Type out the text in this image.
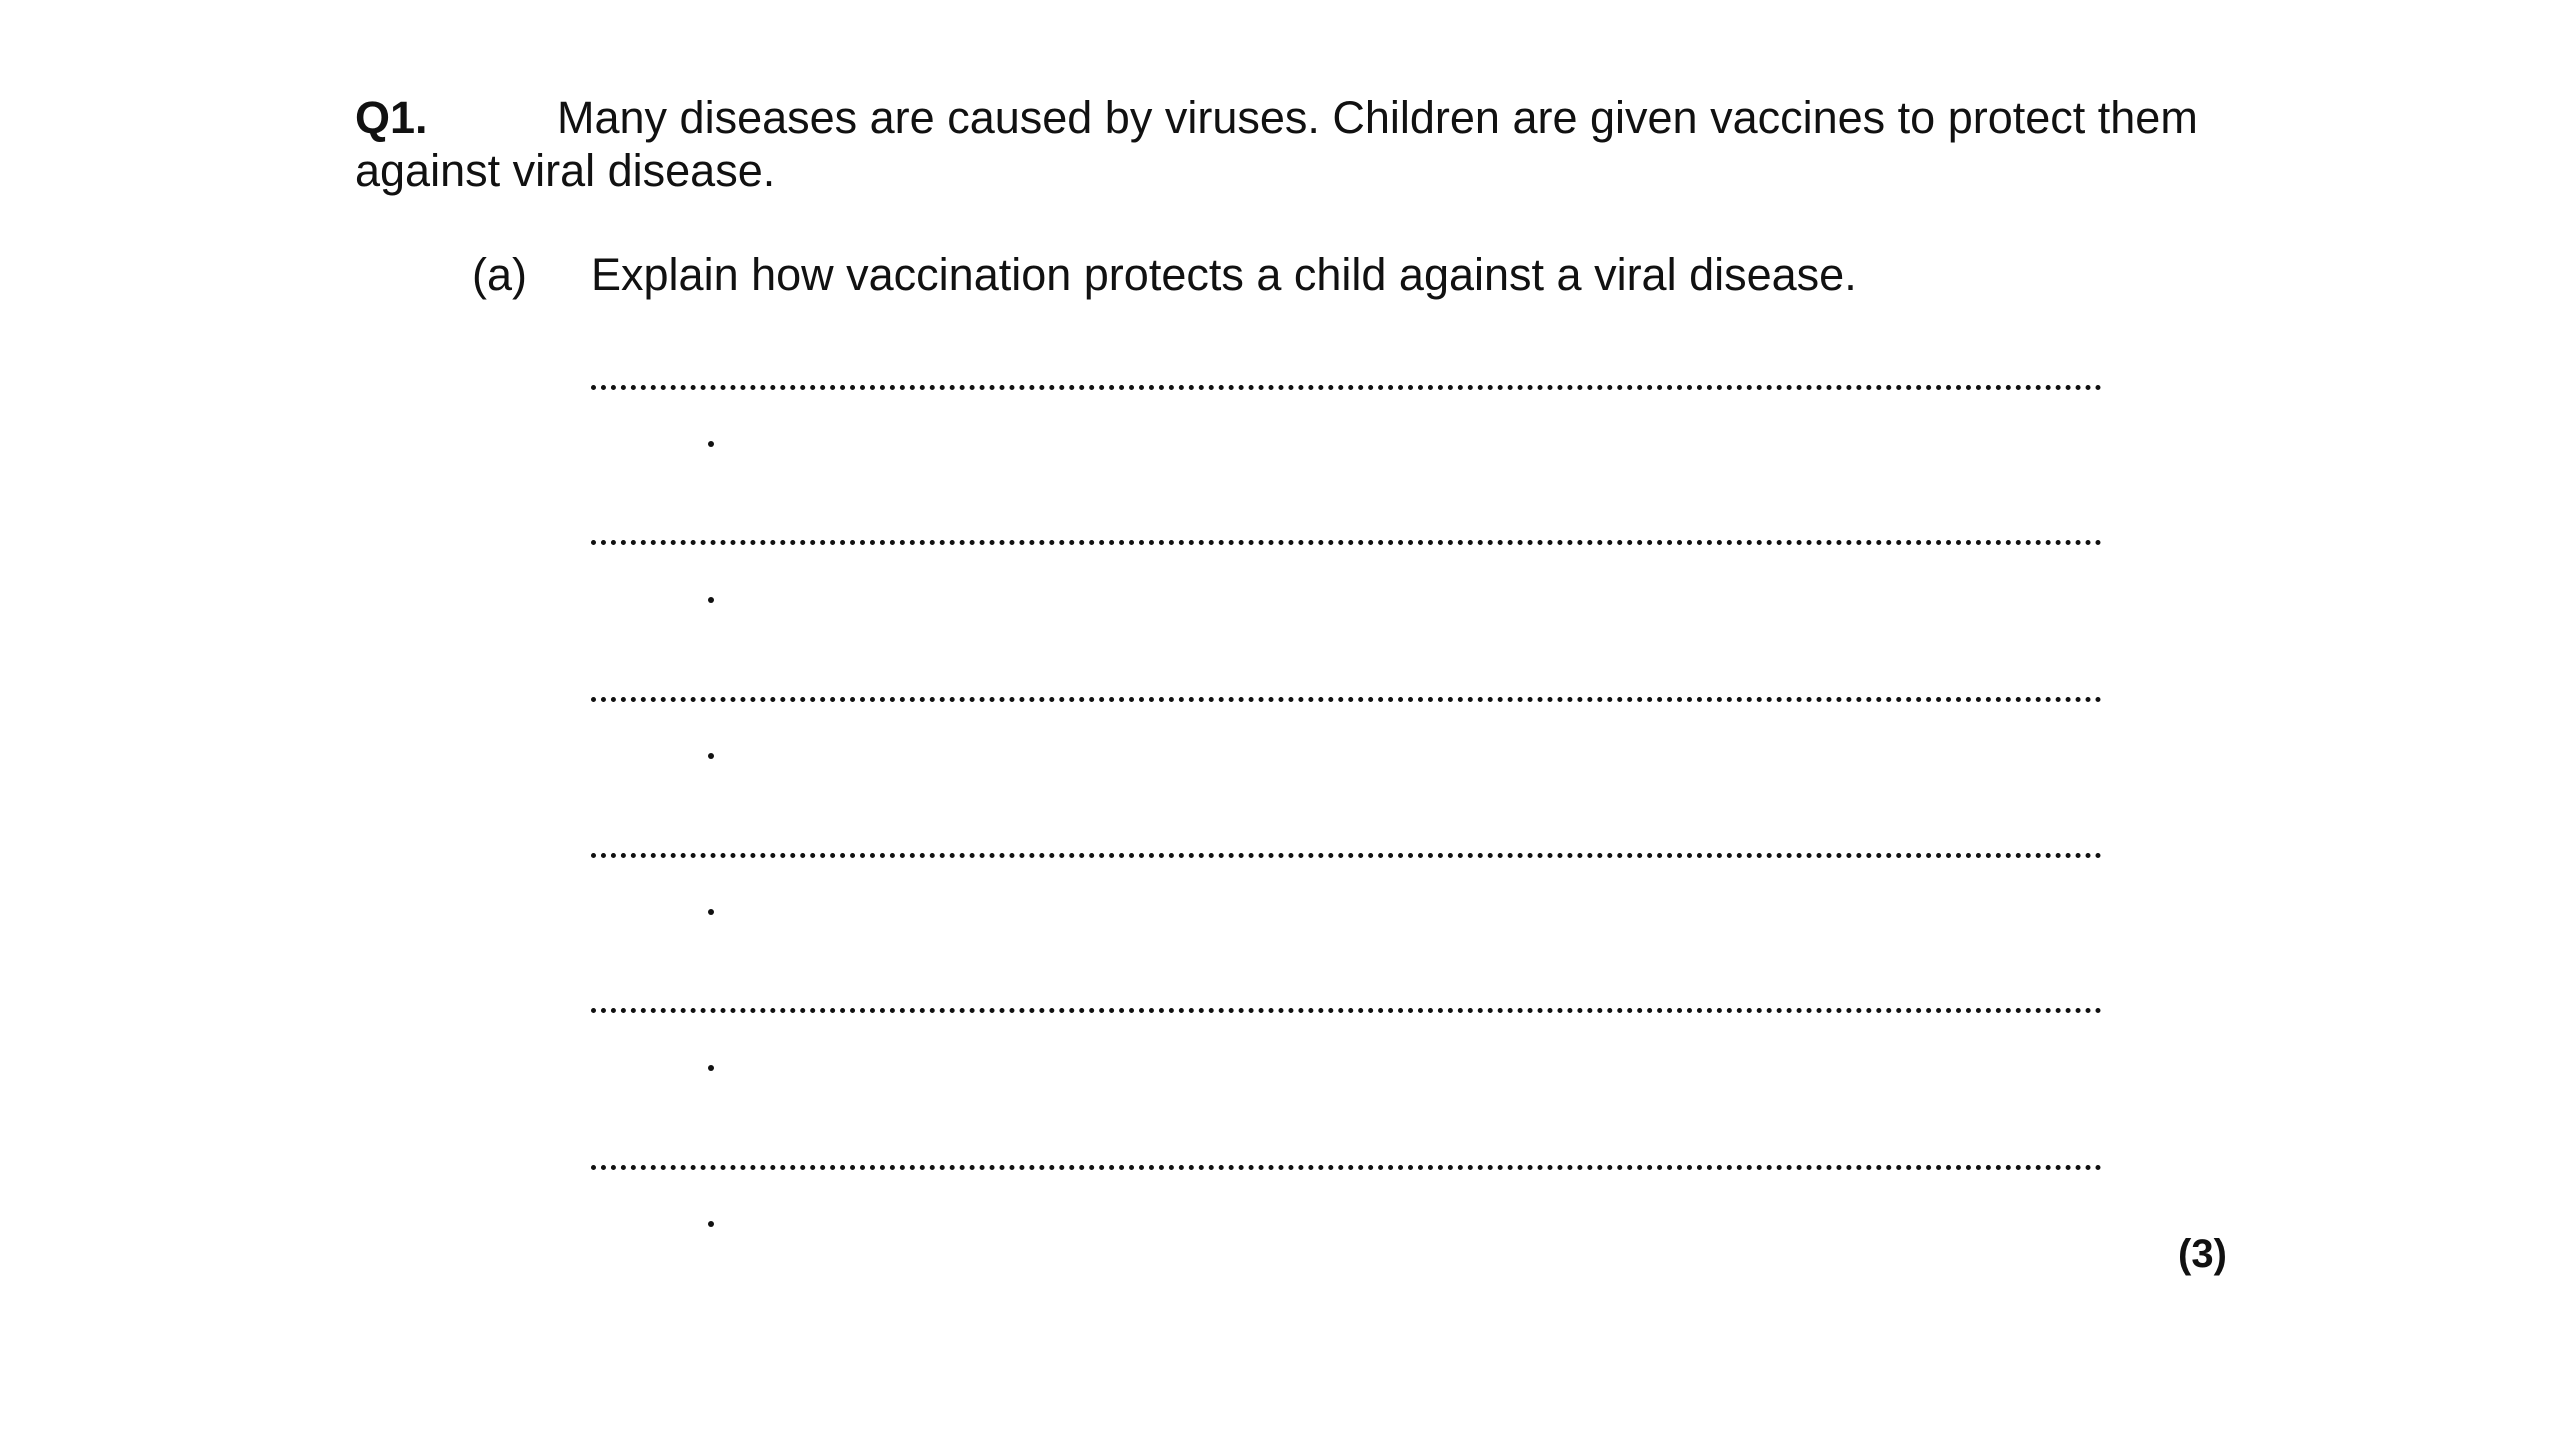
Q1.	Many diseases are caused by viruses. Children are given vaccines to protect them
against viral disease.
(a) Explain how vaccination protects a child against a viral disease.
(3)
